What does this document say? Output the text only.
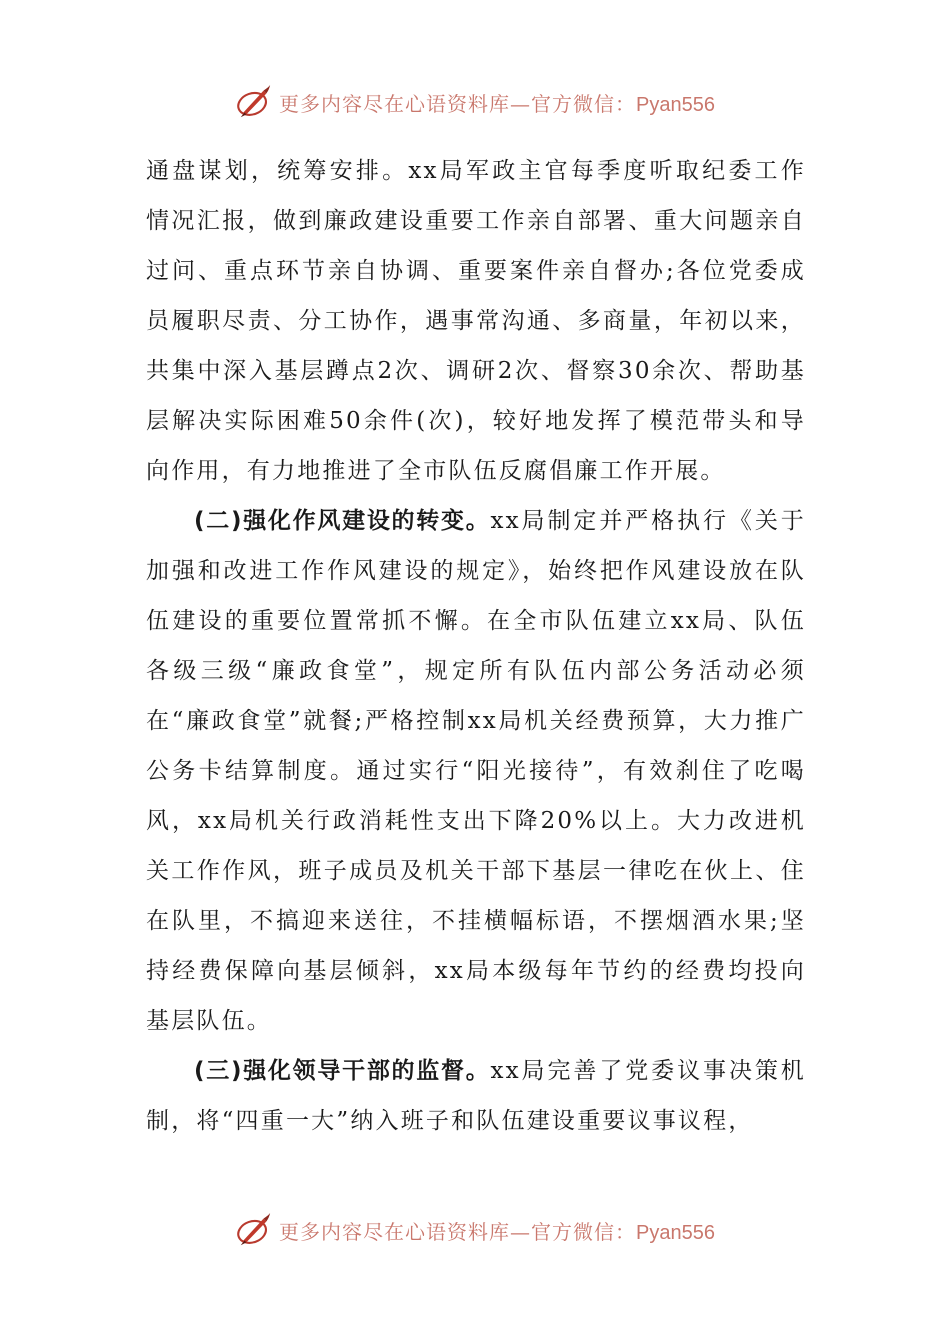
更多内容尽在心语资料库—官方微信：Pyan556

通盘谋划，统筹安排。xx局军政主官每季度听取纪委工作情况汇报，做到廉政建设重要工作亲自部署、重大问题亲自过问、重点环节亲自协调、重要案件亲自督办;各位党委成员履职尽责、分工协作，遇事常沟通、多商量，年初以来，共集中深入基层蹲点2次、调研2次、督察30余次、帮助基层解决实际困难50余件(次)，较好地发挥了模范带头和导向作用，有力地推进了全市队伍反腐倡廉工作开展。

(二)强化作风建设的转变。xx局制定并严格执行《关于加强和改进工作作风建设的规定》，始终把作风建设放在队伍建设的重要位置常抓不懈。在全市队伍建立xx局、队伍各级三级“廉政食堂”，规定所有队伍内部公务活动必须在“廉政食堂”就餐;严格控制xx局机关经费预算，大力推广公务卡结算制度。通过实行“阳光接待”，有效刹住了吃喝风，xx局机关行政消耗性支出下降20%以上。大力改进机关工作作风，班子成员及机关干部下基层一律吃在伙上、住在队里，不搞迎来送往，不挂横幅标语，不摆烟酒水果;坚持经费保障向基层倾斜，xx局本级每年节约的经费均投向基层队伍。

(三)强化领导干部的监督。xx局完善了党委议事决策机制，将“四重一大”纳入班子和队伍建设重要议事议程，

更多内容尽在心语资料库—官方微信：Pyan556
